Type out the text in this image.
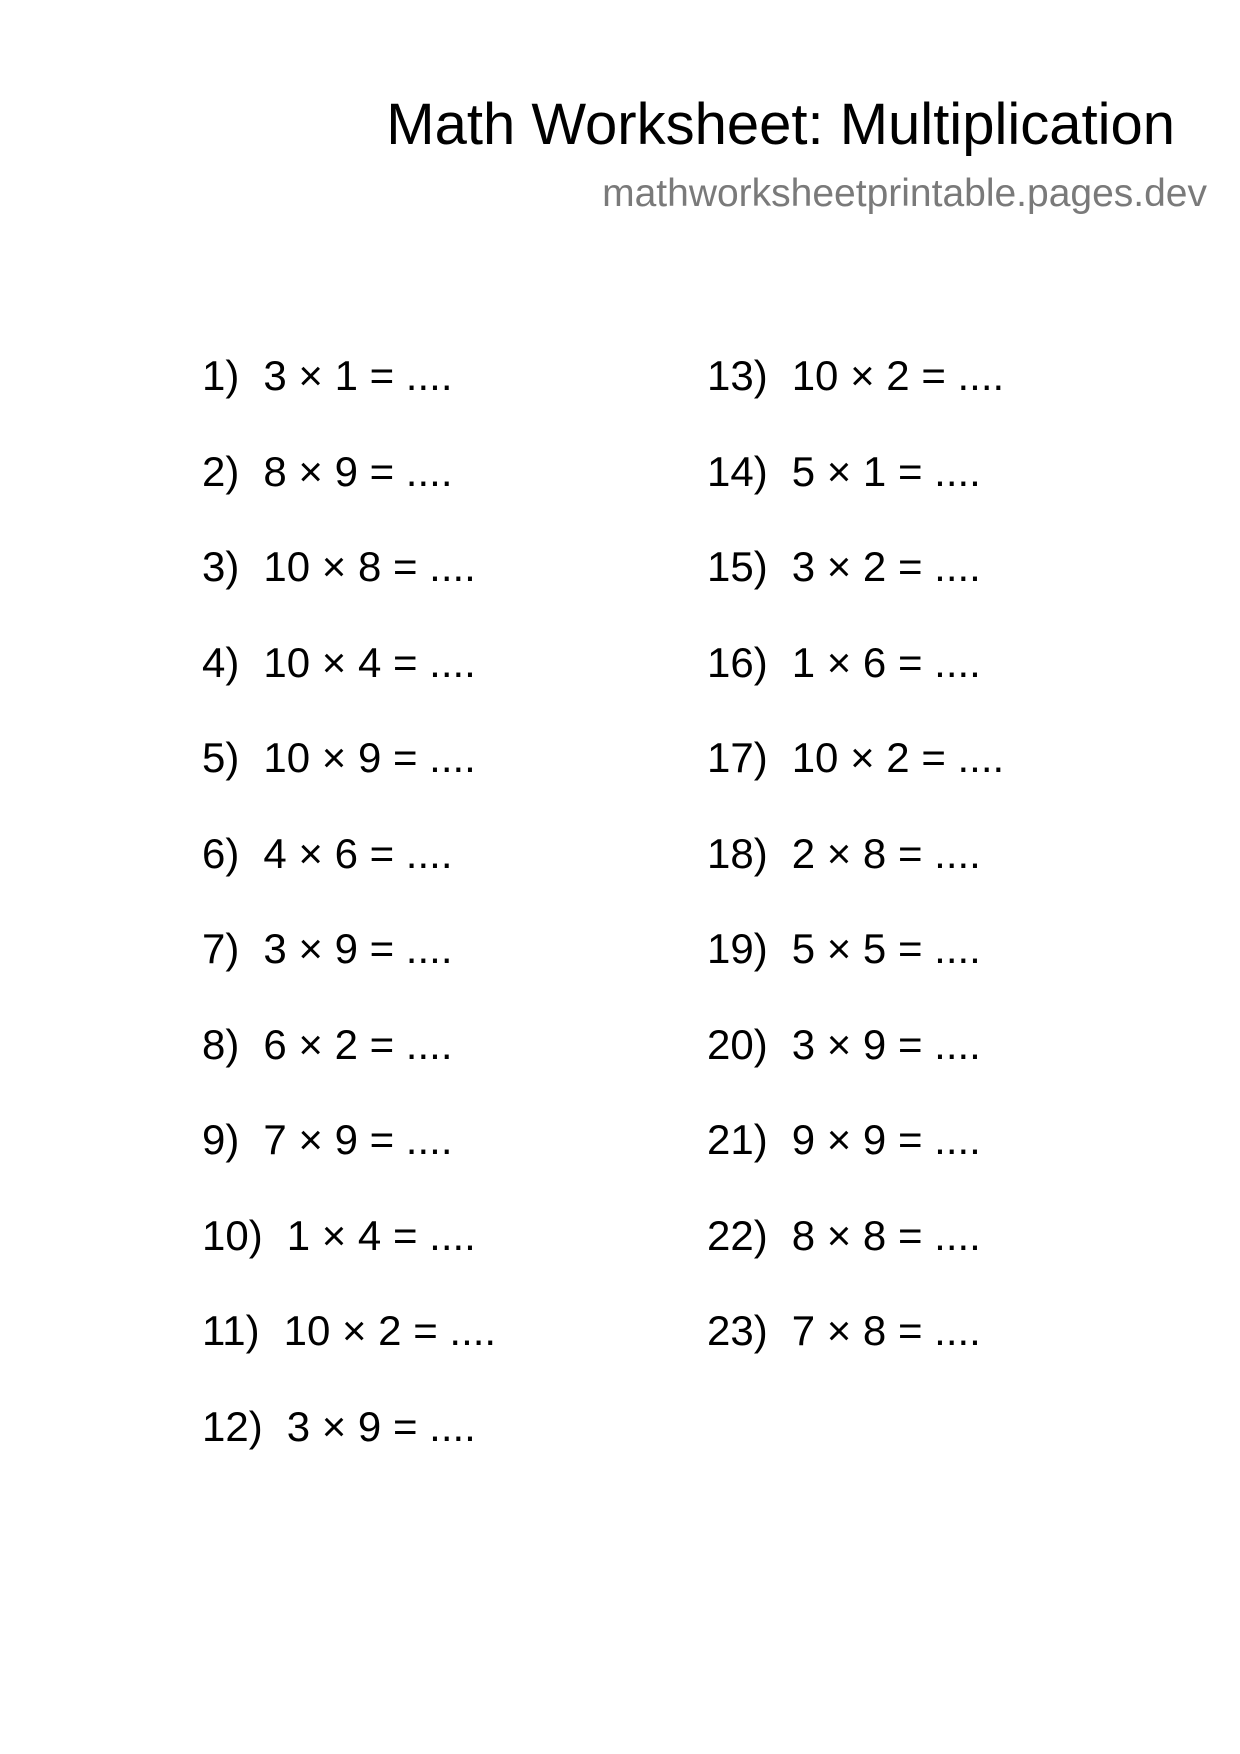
Math Worksheet: Multiplication
mathworksheetprintable.pages.dev
1) 3 × 1 = ....
2) 8 × 9 = ....
3) 10 × 8 = ....
4) 10 × 4 = ....
5) 10 × 9 = ....
6) 4 × 6 = ....
7) 3 × 9 = ....
8) 6 × 2 = ....
9) 7 × 9 = ....
10) 1 × 4 = ....
11) 10 × 2 = ....
12) 3 × 9 = ....
13) 10 × 2 = ....
14) 5 × 1 = ....
15) 3 × 2 = ....
16) 1 × 6 = ....
17) 10 × 2 = ....
18) 2 × 8 = ....
19) 5 × 5 = ....
20) 3 × 9 = ....
21) 9 × 9 = ....
22) 8 × 8 = ....
23) 7 × 8 = ....
